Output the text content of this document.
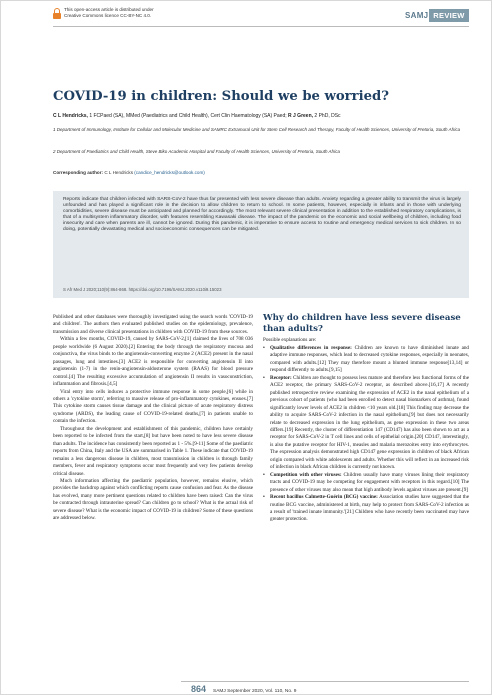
This open-access article is distributed under
Creative Commons licence CC-BY-NC 4.0.	SAMJ REVIEW
COVID-19 in children: Should we be worried?
C L Hendricks, 1 FCPaed (SA), MMed (Paediatrics and Child Health), Cert Clin Haematology (SA) Paed; R J Green, 2 PhD, DSc
1 Department of Immunology, Institute for Cellular and Molecular Medicine and SAMRC Extramural Unit for Stem Cell Research and Therapy, Faculty of Health Sciences, University of Pretoria, South Africa
2 Department of Paediatrics and Child Health, Steve Biko Academic Hospital and Faculty of Health Sciences, University of Pretoria, South Africa
Corresponding author: C L Hendricks (candice_hendricks@outlook.com)
Reports indicate that children infected with SARS-CoV-2 have thus far presented with less severe disease than adults. Anxiety regarding a greater ability to transmit the virus is largely unfounded and has played a significant role in the decision to allow children to return to school. In some patients, however, especially in infants and in those with underlying comorbidities, severe disease must be anticipated and planned for accordingly. The most relevant severe clinical presentation in addition to the established respiratory complications, is that of a multisystem inflammatory disorder, with features resembling Kawasaki disease. The impact of the pandemic on the economic and social wellbeing of children, including food insecurity and care when parents are ill, cannot be ignored. During this pandemic, it is imperative to ensure access to routine and emergency medical services to sick children. In so doing, potentially devastating medical and socioeconomic consequences can be mitigated.
S Afr Med J 2020;110(9):864-868. https://doi.org/10.7196/SAMJ.2020.v110i9.15023

Published and other databases were thoroughly investigated using the search words 'COVID-19 and children'. The authors then evaluated published studies on the epidemiology, prevalence, transmission and diverse clinical presentations in children with COVID-19 from these sources.

Within a few months, COVID-19, caused by SARS-CoV-2,[1] claimed the lives of 708 036 people worldwide (6 August 2020).[2] Entering the body through the respiratory mucosa and conjunctiva, the virus binds to the angiotensin-converting enzyme 2 (ACE2) present in the nasal passages, lung and intestines.[3] ACE2 is responsible for converting angiotensin II into angiotensin (1-7) in the renin-angiotensin-aldosterone system (RAAS) for blood pressure control.[4] The resulting excessive accumulation of angiotensin II results in vasoconstriction, inflammation and fibrosis.[4,5]

Viral entry into cells induces a protective immune response in some people,[6] while in others a 'cytokine storm', referring to massive release of pro-inflammatory cytokines, ensues.[7] This cytokine storm causes tissue damage and the clinical picture of acute respiratory distress syndrome (ARDS), the leading cause of COVID-19-related deaths,[7] in patients unable to contain the infection.

Throughout the development and establishment of this pandemic, children have certainly been reported to be infected from the start,[8] but have been noted to have less severe disease than adults. The incidence has consistently been reported as 1 - 5%.[9-11] Some of the paediatric reports from China, Italy and the USA are summarised in Table 1. These indicate that COVID-19 remains a less dangerous disease in children, most transmission in children is through family members, fever and respiratory symptoms occur most frequently and very few patients develop critical disease.

Much information affecting the paediatric population, however, remains elusive, which provides the backdrop against which conflicting reports cause confusion and fear. As the disease has evolved, many more pertinent questions related to children have been raised: Can the virus be contracted through intrauterine spread? Can children go to school? What is the actual risk of severe disease? What is the economic impact of COVID-19 in children? Some of these questions are addressed below.

Why do children have less severe disease than adults?
Possible explanations are:
• Qualitative differences in response: Children are known to have diminished innate and adaptive immune responses, which lead to decreased cytokine responses, especially in neonates, compared with adults.[12] They may therefore mount a blunted immune response[13,14] or respond differently to adults.[9,15]
• Receptor: Children are thought to possess less mature and therefore less functional forms of the ACE2 receptor, the primary SARS-CoV-2 receptor, as described above.[16,17] A recently published retrospective review examining the expression of ACE2 in the nasal epithelium of a previous cohort of patients (who had been enrolled to detect nasal biomarkers of asthma), found significantly lower levels of ACE2 in children <10 years old.[18] This finding may decrease the ability to acquire SARS-CoV-2 infection in the nasal epithelium,[9] but does not necessarily relate to decreased expression in the lung epithelium, as gene expression in these two areas differs.[19] Recently, the cluster of differentiation 147 (CD147) has also been shown to act as a receptor for SARS-CoV-2 in T cell lines and cells of epithelial origin.[20] CD147, interestingly, is also the putative receptor for HIV-1, measles and malaria merozoites entry into erythrocytes. The expression analysis demonstrated high CD147 gene expression in children of black African origin compared with white adolescents and adults. Whether this will reflect in an increased risk of infection in black African children is currently not known.
• Competition with other viruses: Children usually have many viruses lining their respiratory tracts and COVID-19 may be competing for engagement with receptors in this regard.[10] The presence of other viruses may also mean that high antibody levels against viruses are present.[9]
• Recent bacillus Calmette-Guérin (BCG) vaccine: Association studies have suggested that the routine BCG vaccine, administered at birth, may help to protect from SARS-CoV-2 infection as a result of 'trained innate immunity.'[21] Children who have recently been vaccinated may have greater protection.
864 SAMJ September 2020, Vol. 110, No. 9
